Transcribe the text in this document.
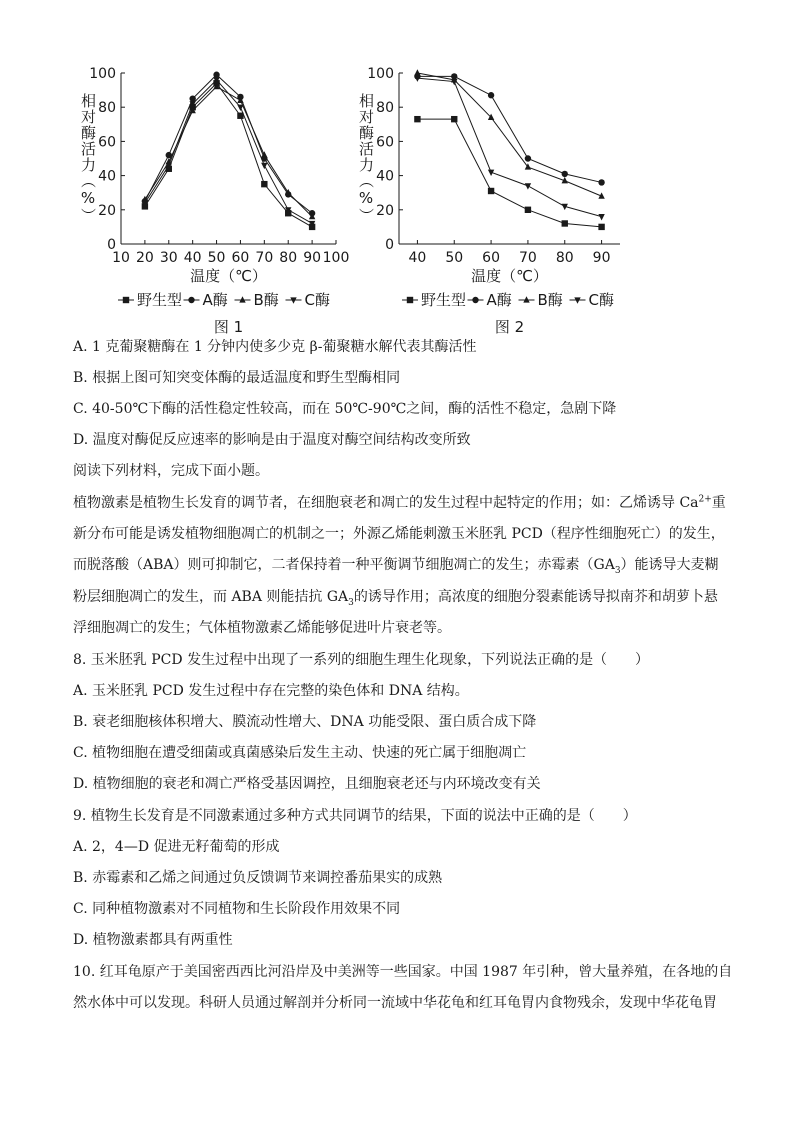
0
20
40
60
80
100
10 20 30 40 50 60 70 80 90 100
温度（℃）
相对酶活力（%）
野生型 A酶 B酶 C酶
图 1
0
20
40
60
80
100
40 50 60 70 80 90
温度（℃）
相对酶活力（%）
野生型 A酶 B酶 C酶
图 2
A. 1 克葡聚糖酶在 1 分钟内使多少克 β-葡聚糖水解代表其酶活性
B. 根据上图可知突变体酶的最适温度和野生型酶相同
C. 40-50℃下酶的活性稳定性较高，而在 50℃-90℃之间，酶的活性不稳定，急剧下降
D. 温度对酶促反应速率的影响是由于温度对酶空间结构改变所致
阅读下列材料，完成下面小题。
植物激素是植物生长发育的调节者，在细胞衰老和凋亡的发生过程中起特定的作用；如：乙烯诱导 $Ca^{2+}$重
新分布可能是诱发植物细胞凋亡的机制之一；外源乙烯能刺激玉米胚乳 PCD（程序性细胞死亡）的发生，
而脱落酸（ABA）则可抑制它，二者保持着一种平衡调节细胞凋亡的发生；赤霉素$(GA_3)$能诱导大麦糊
粉层细胞凋亡的发生，而 ABA 则能拮抗 $GA_3$的诱导作用；高浓度的细胞分裂素能诱导拟南芥和胡萝卜悬
浮细胞凋亡的发生；气体植物激素乙烯能够促进叶片衰老等。
8. 玉米胚乳 PCD 发生过程中出现了一系列的细胞生理生化现象，下列说法正确的是（　　）
A. 玉米胚乳 PCD 发生过程中存在完整的染色体和 DNA 结构。
B. 衰老细胞核体积增大、膜流动性增大、DNA 功能受限、蛋白质合成下降
C. 植物细胞在遭受细菌或真菌感染后发生主动、快速的死亡属于细胞凋亡
D. 植物细胞的衰老和凋亡严格受基因调控，且细胞衰老还与内环境改变有关
9. 植物生长发育是不同激素通过多种方式共同调节的结果，下面的说法中正确的是（　　）
A. 2，4—D 促进无籽葡萄的形成
B. 赤霉素和乙烯之间通过负反馈调节来调控番茄果实的成熟
C. 同种植物激素对不同植物和生长阶段作用效果不同
D. 植物激素都具有两重性
10. 红耳龟原产于美国密西西比河沿岸及中美洲等一些国家。中国 1987 年引种，曾大量养殖，在各地的自
然水体中可以发现。科研人员通过解剖并分析同一流域中华花龟和红耳龟胃内食物残余，发现中华花龟胃
